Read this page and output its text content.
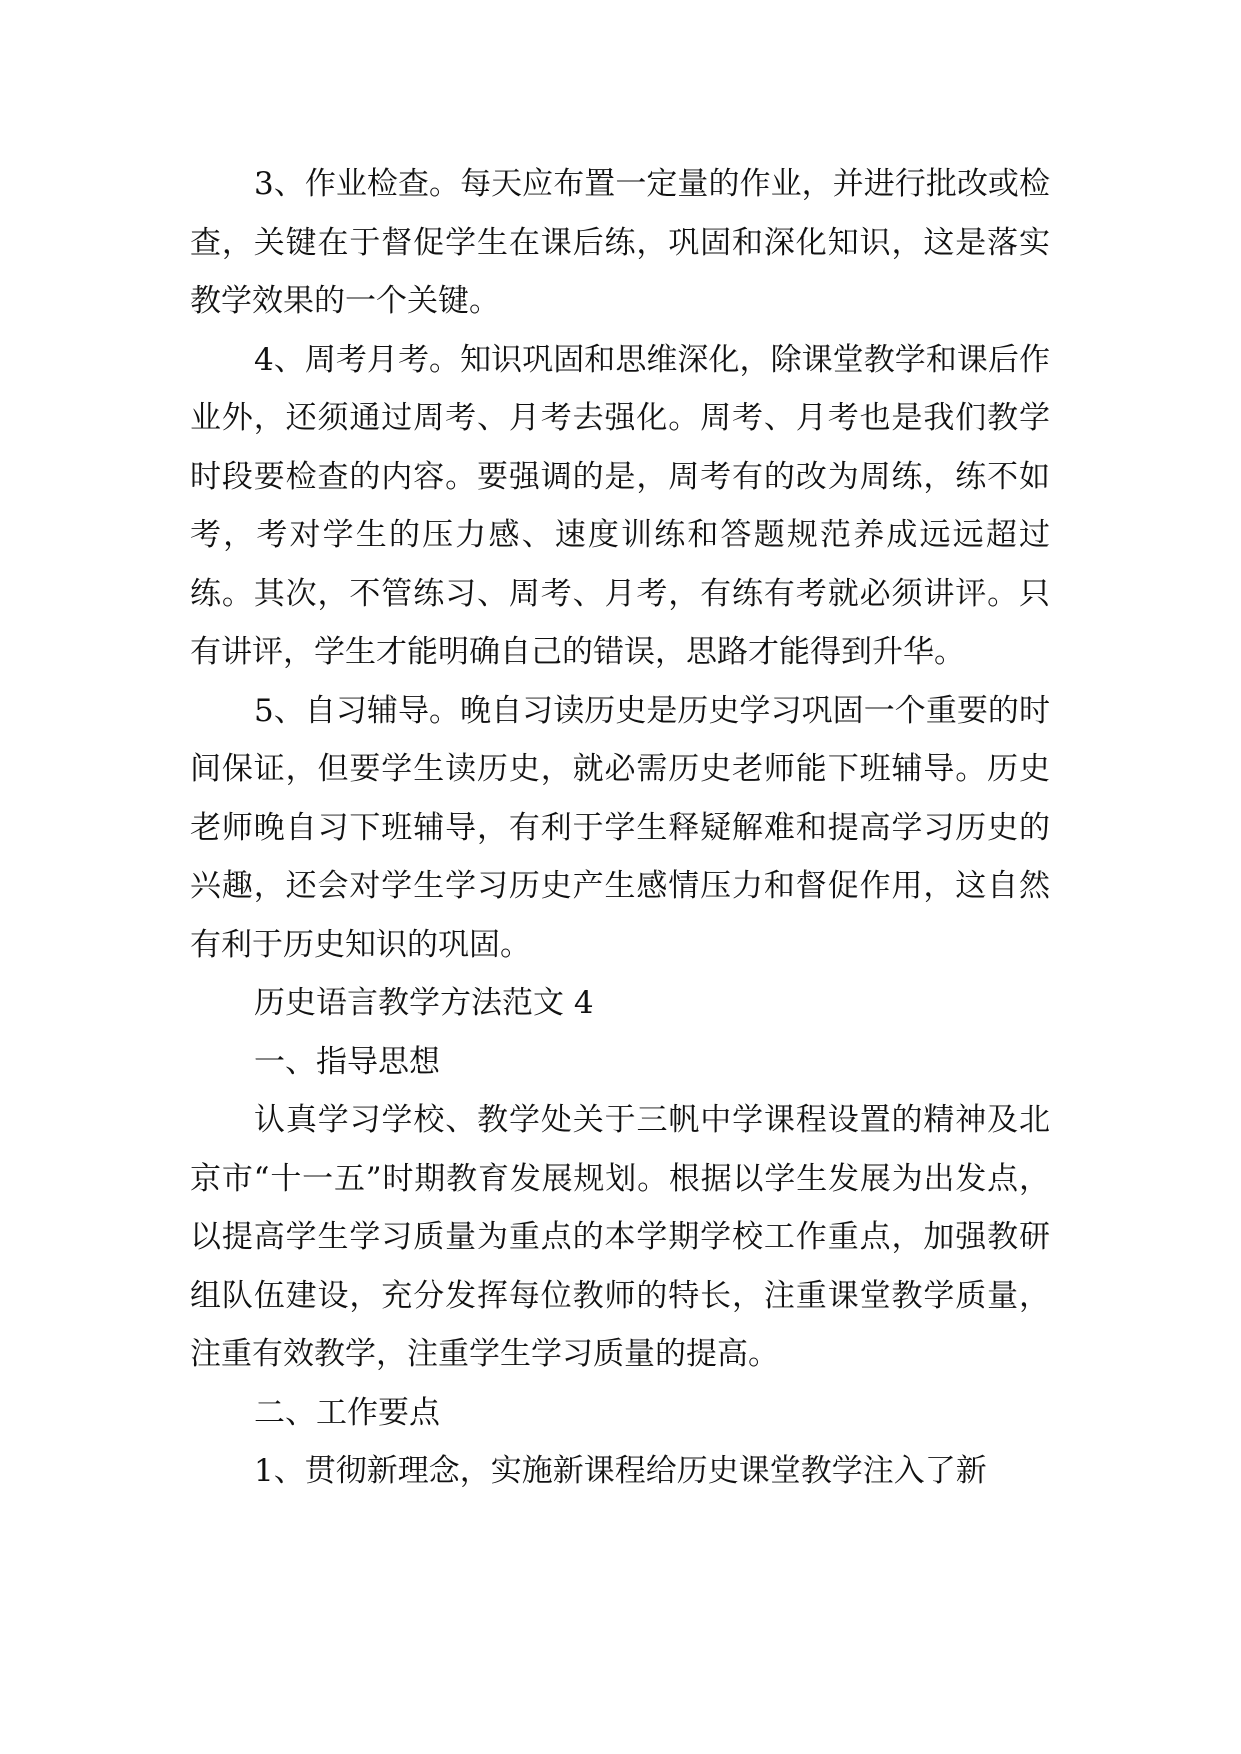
3、作业检查。每天应布置一定量的作业，并进行批改或检查，关键在于督促学生在课后练，巩固和深化知识，这是落实教学效果的一个关键。

4、周考月考。知识巩固和思维深化，除课堂教学和课后作业外，还须通过周考、月考去强化。周考、月考也是我们教学时段要检查的内容。要强调的是，周考有的改为周练，练不如考，考对学生的压力感、速度训练和答题规范养成远远超过练。其次，不管练习、周考、月考，有练有考就必须讲评。只有讲评，学生才能明确自己的错误，思路才能得到升华。

5、自习辅导。晚自习读历史是历史学习巩固一个重要的时间保证，但要学生读历史，就必需历史老师能下班辅导。历史老师晚自习下班辅导，有利于学生释疑解难和提高学习历史的兴趣，还会对学生学习历史产生感情压力和督促作用，这自然有利于历史知识的巩固。

历史语言教学方法范文 4

一、指导思想

认真学习学校、教学处关于三帆中学课程设置的精神及北京市“十一五”时期教育发展规划。根据以学生发展为出发点，以提高学生学习质量为重点的本学期学校工作重点，加强教研组队伍建设，充分发挥每位教师的特长，注重课堂教学质量，注重有效教学，注重学生学习质量的提高。

二、工作要点

1、贯彻新理念，实施新课程给历史课堂教学注入了新
